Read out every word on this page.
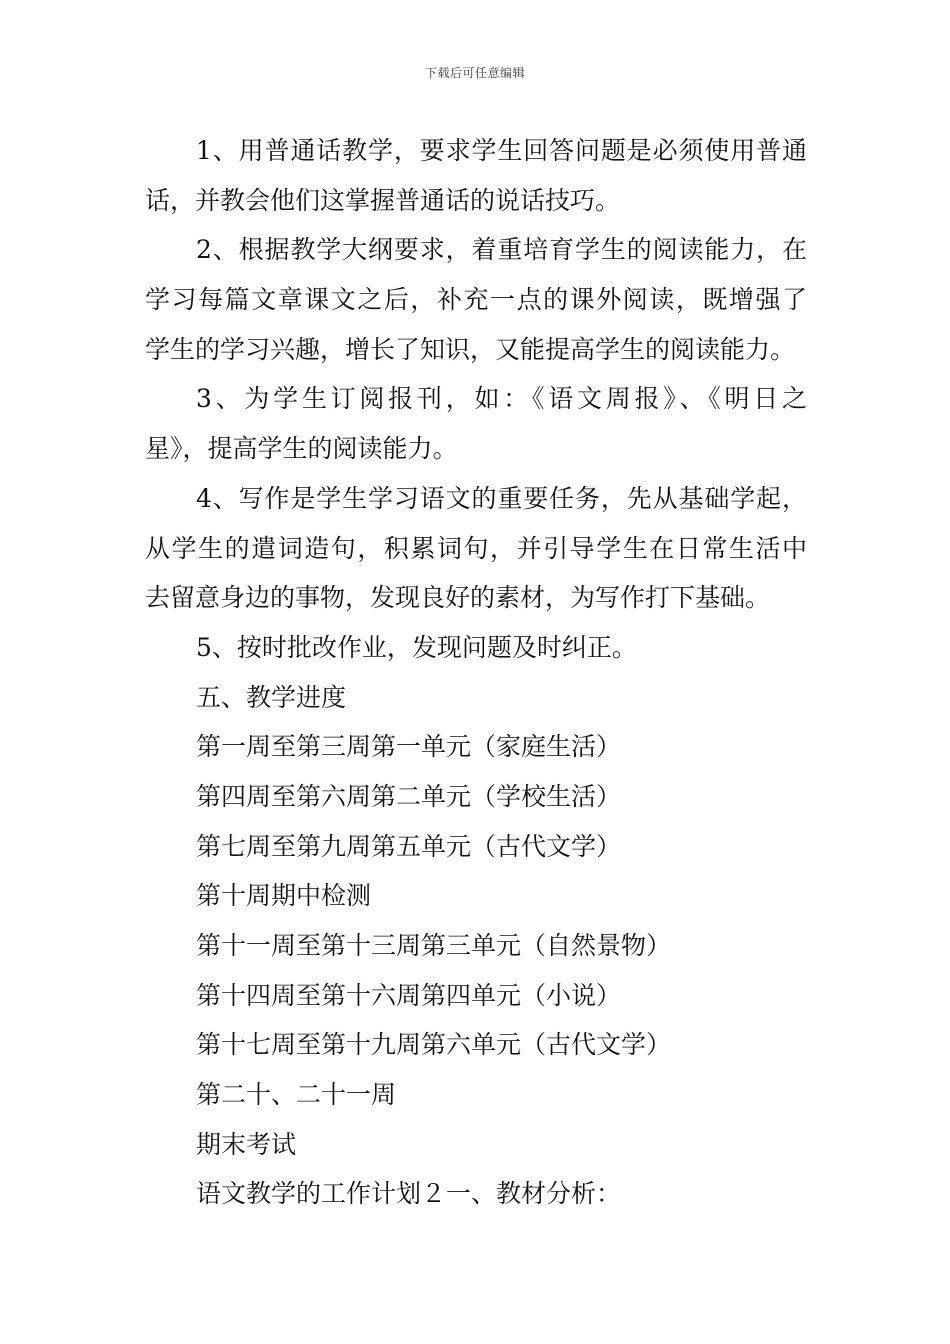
下载后可任意编辑
1、用普通话教学，要求学生回答问题是必须使用普通
话，并教会他们这掌握普通话的说话技巧。
2、根据教学大纲要求，着重培育学生的阅读能力，在
学习每篇文章课文之后，补充一点的课外阅读，既增强了
学生的学习兴趣，增长了知识，又能提高学生的阅读能力。
3、为学生订阅报刊，如：《语文周报》、《明日之
星》，提高学生的阅读能力。
4、写作是学生学习语文的重要任务，先从基础学起，
从学生的遣词造句，积累词句，并引导学生在日常生活中
去留意身边的事物，发现良好的素材，为写作打下基础。
5、按时批改作业，发现问题及时纠正。
五、教学进度
第一周至第三周第一单元（家庭生活）
第四周至第六周第二单元（学校生活）
第七周至第九周第五单元（古代文学）
第十周期中检测
第十一周至第十三周第三单元（自然景物）
第十四周至第十六周第四单元（小说）
第十七周至第十九周第六单元（古代文学）
第二十、二十一周
期末考试
语文教学的工作计划２一、教材分析：
